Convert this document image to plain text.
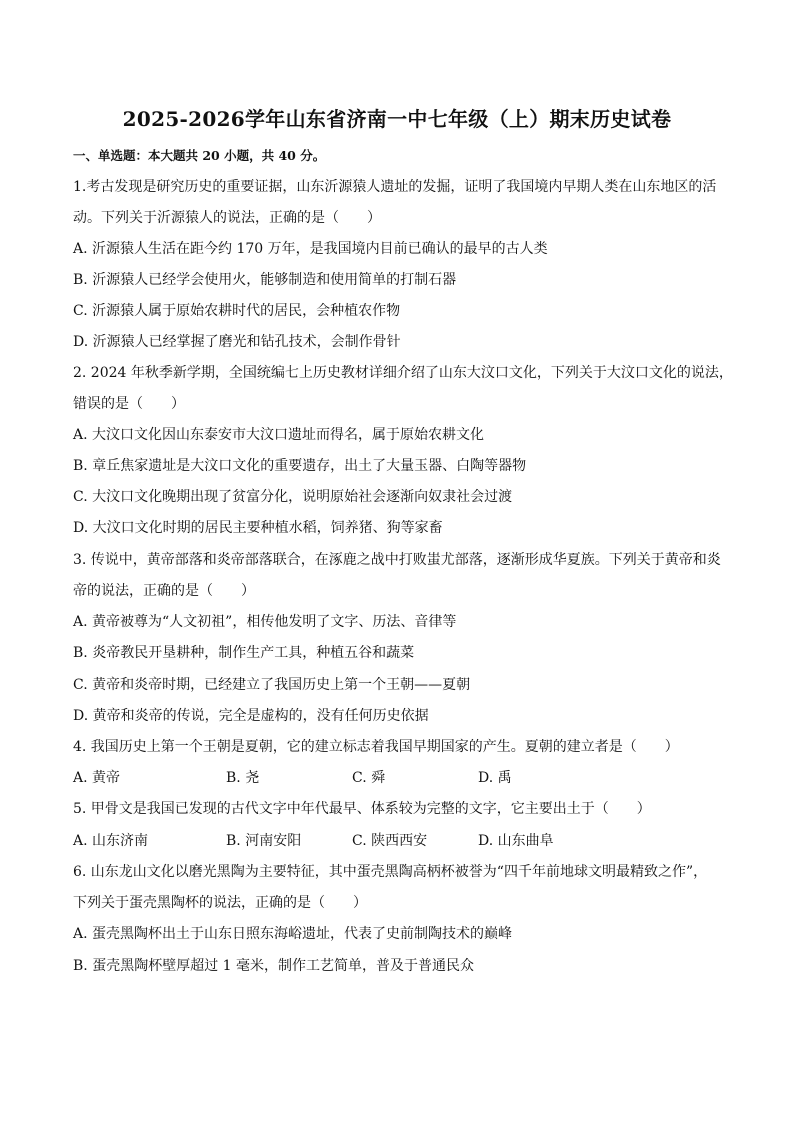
2025-2026学年山东省济南一中七年级（上）期末历史试卷
一、单选题：本大题共 20 小题，共 40 分。
1.考古发现是研究历史的重要证据，山东沂源猿人遗址的发掘，证明了我国境内早期人类在山东地区的活
动。下列关于沂源猿人的说法，正确的是（　　）
A. 沂源猿人生活在距今约 170 万年，是我国境内目前已确认的最早的古人类
B. 沂源猿人已经学会使用火，能够制造和使用简单的打制石器
C. 沂源猿人属于原始农耕时代的居民，会种植农作物
D. 沂源猿人已经掌握了磨光和钻孔技术，会制作骨针
2. 2024 年秋季新学期，全国统编七上历史教材详细介绍了山东大汶口文化，下列关于大汶口文化的说法，
错误的是（　　）
A. 大汶口文化因山东泰安市大汶口遗址而得名，属于原始农耕文化
B. 章丘焦家遗址是大汶口文化的重要遗存，出土了大量玉器、白陶等器物
C. 大汶口文化晚期出现了贫富分化，说明原始社会逐渐向奴隶社会过渡
D. 大汶口文化时期的居民主要种植水稻，饲养猪、狗等家畜
3. 传说中，黄帝部落和炎帝部落联合，在涿鹿之战中打败蚩尤部落，逐渐形成华夏族。下列关于黄帝和炎
帝的说法，正确的是（　　）
A. 黄帝被尊为“人文初祖”，相传他发明了文字、历法、音律等
B. 炎帝教民开垦耕种，制作生产工具，种植五谷和蔬菜
C. 黄帝和炎帝时期，已经建立了我国历史上第一个王朝——夏朝
D. 黄帝和炎帝的传说，完全是虚构的，没有任何历史依据
4. 我国历史上第一个王朝是夏朝，它的建立标志着我国早期国家的产生。夏朝的建立者是（　　）
A. 黄帝	B. 尧	C. 舜	D. 禹
5. 甲骨文是我国已发现的古代文字中年代最早、体系较为完整的文字，它主要出土于（　　）
A. 山东济南	B. 河南安阳	C. 陕西西安	D. 山东曲阜
6. 山东龙山文化以磨光黑陶为主要特征，其中蛋壳黑陶高柄杯被誉为“四千年前地球文明最精致之作”，
下列关于蛋壳黑陶杯的说法，正确的是（　　）
A. 蛋壳黑陶杯出土于山东日照东海峪遗址，代表了史前制陶技术的巅峰
B. 蛋壳黑陶杯壁厚超过 1 毫米，制作工艺简单，普及于普通民众
